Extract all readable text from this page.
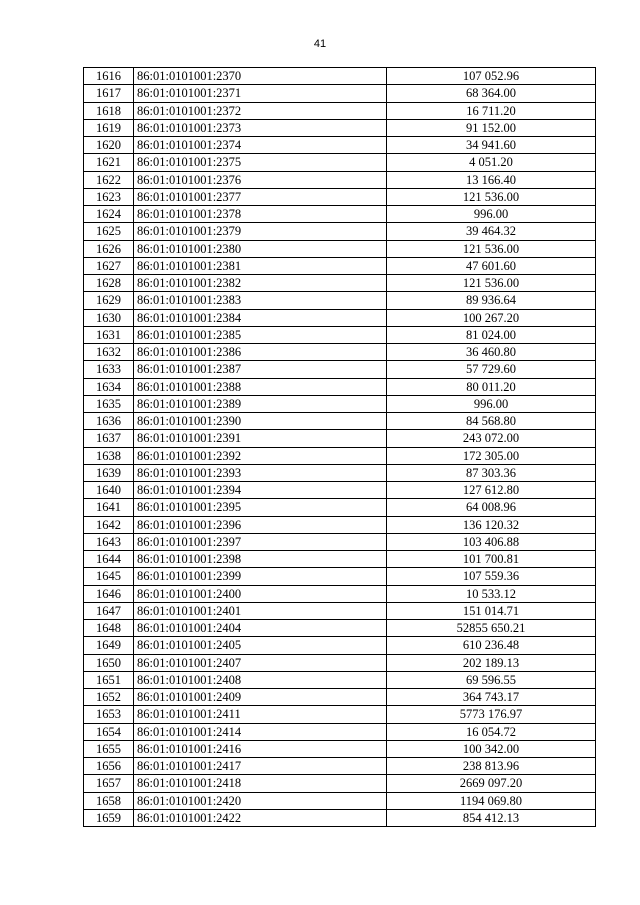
41
1616	86:01:0101001:2370	107 052.96
1617	86:01:0101001:2371	68 364.00
1618	86:01:0101001:2372	16 711.20
1619	86:01:0101001:2373	91 152.00
1620	86:01:0101001:2374	34 941.60
1621	86:01:0101001:2375	4 051.20
1622	86:01:0101001:2376	13 166.40
1623	86:01:0101001:2377	121 536.00
1624	86:01:0101001:2378	996.00
1625	86:01:0101001:2379	39 464.32
1626	86:01:0101001:2380	121 536.00
1627	86:01:0101001:2381	47 601.60
1628	86:01:0101001:2382	121 536.00
1629	86:01:0101001:2383	89 936.64
1630	86:01:0101001:2384	100 267.20
1631	86:01:0101001:2385	81 024.00
1632	86:01:0101001:2386	36 460.80
1633	86:01:0101001:2387	57 729.60
1634	86:01:0101001:2388	80 011.20
1635	86:01:0101001:2389	996.00
1636	86:01:0101001:2390	84 568.80
1637	86:01:0101001:2391	243 072.00
1638	86:01:0101001:2392	172 305.00
1639	86:01:0101001:2393	87 303.36
1640	86:01:0101001:2394	127 612.80
1641	86:01:0101001:2395	64 008.96
1642	86:01:0101001:2396	136 120.32
1643	86:01:0101001:2397	103 406.88
1644	86:01:0101001:2398	101 700.81
1645	86:01:0101001:2399	107 559.36
1646	86:01:0101001:2400	10 533.12
1647	86:01:0101001:2401	151 014.71
1648	86:01:0101001:2404	52855 650.21
1649	86:01:0101001:2405	610 236.48
1650	86:01:0101001:2407	202 189.13
1651	86:01:0101001:2408	69 596.55
1652	86:01:0101001:2409	364 743.17
1653	86:01:0101001:2411	5773 176.97
1654	86:01:0101001:2414	16 054.72
1655	86:01:0101001:2416	100 342.00
1656	86:01:0101001:2417	238 813.96
1657	86:01:0101001:2418	2669 097.20
1658	86:01:0101001:2420	1194 069.80
1659	86:01:0101001:2422	854 412.13
